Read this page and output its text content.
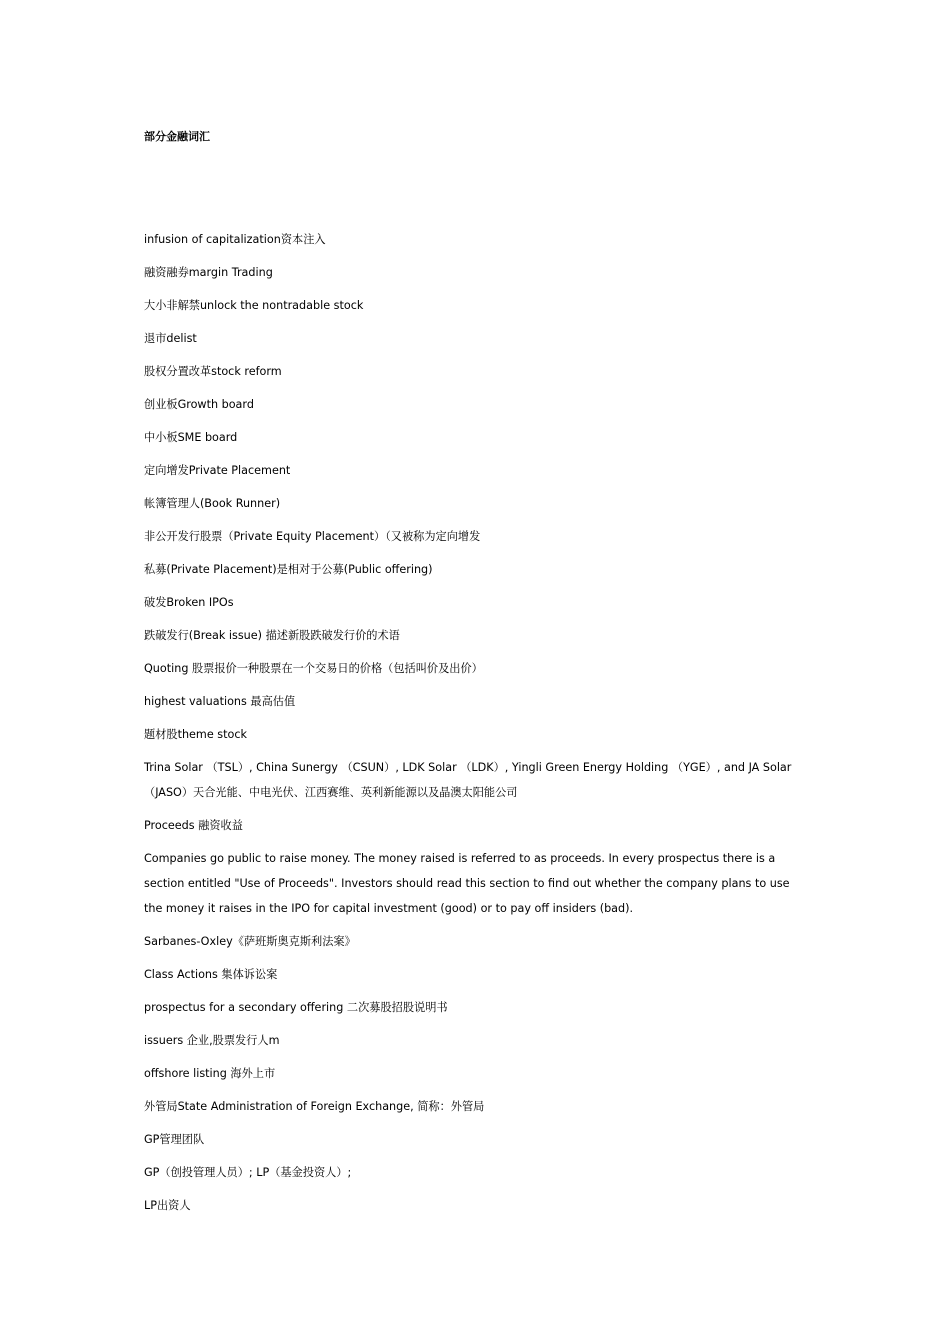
部分金融词汇

infusion of capitalization资本注入

融资融券margin Trading

大小非解禁unlock the nontradable stock

退市delist

股权分置改革stock reform

创业板Growth board

中小板SME board

定向增发Private Placement

帐簿管理人(Book Runner)

非公开发行股票（Private Equity Placement）（又被称为定向增发

私募(Private Placement)是相对于公募(Public offering)

破发Broken IPOs

跌破发行(Break issue) 描述新股跌破发行价的术语

Quoting 股票报价一种股票在一个交易日的价格（包括叫价及出价）

highest valuations 最高估值

题材股theme stock

Trina Solar （TSL）, China Sunergy （CSUN）, LDK Solar （LDK）, Yingli Green Energy Holding （YGE）, and JA Solar （JASO）天合光能、中电光伏、江西赛维、英利新能源以及晶澳太阳能公司

Proceeds 融资收益

Companies go public to raise money. The money raised is referred to as proceeds. In every prospectus there is a section entitled "Use of Proceeds". Investors should read this section to find out whether the company plans to use the money it raises in the IPO for capital investment (good) or to pay off insiders (bad).

Sarbanes-Oxley《萨班斯奥克斯利法案》

Class Actions 集体诉讼案

prospectus for a secondary offering 二次募股招股说明书

issuers 企业,股票发行人m

offshore listing 海外上市

外管局State Administration of Foreign Exchange, 简称：外管局

GP管理团队

GP（创投管理人员）; LP（基金投资人）;

LP出资人
